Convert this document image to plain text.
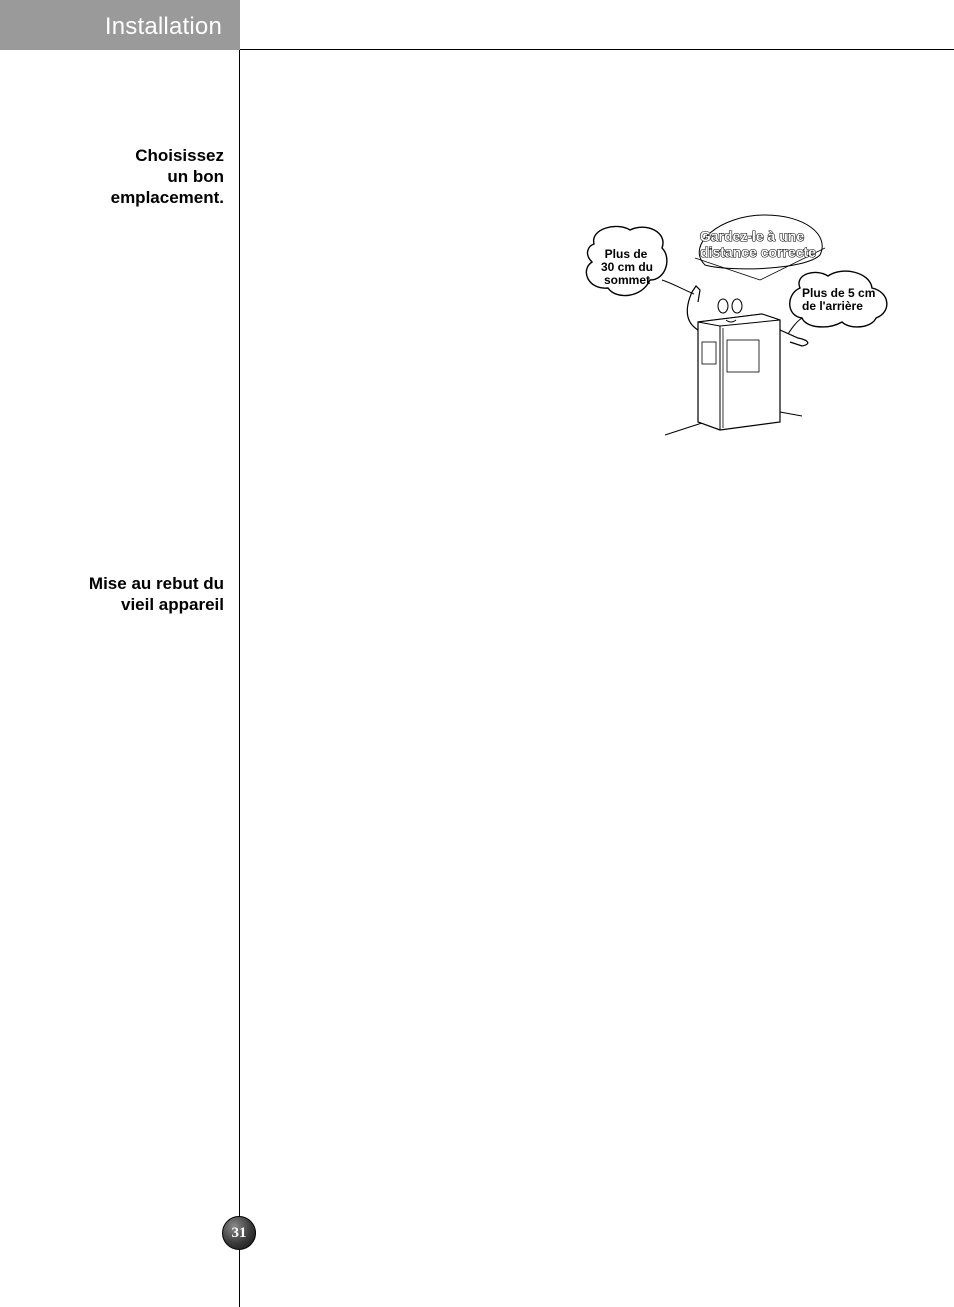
Installation
Choisissez
un bon
emplacement.
Mise au rebut du
vieil appareil
Gardez-le à une
distance correcte
Plus de
30 cm du
sommet
Plus de 5 cm
de l'arrière
31
